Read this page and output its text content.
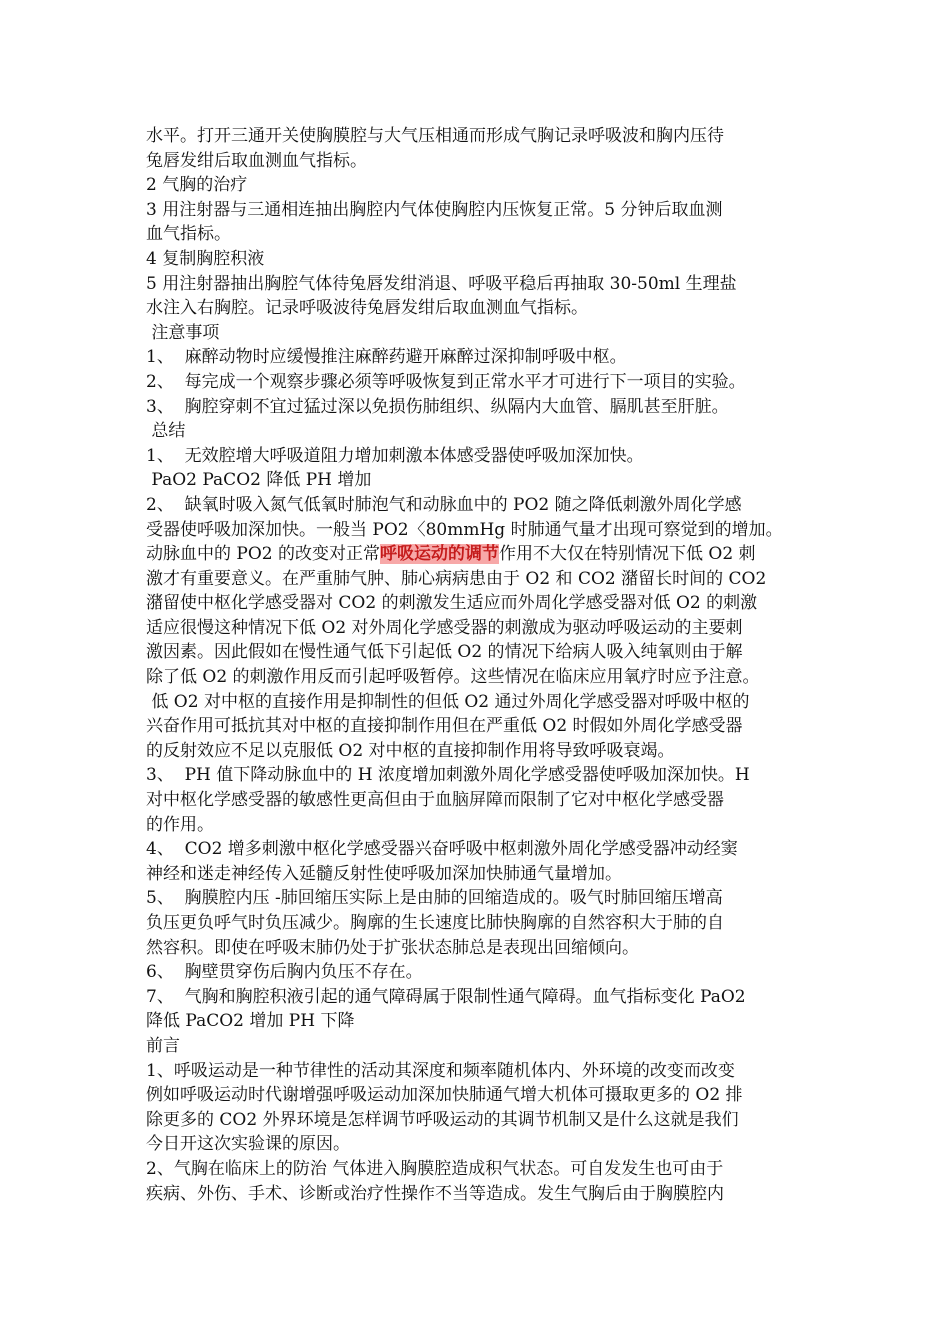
水平。打开三通开关使胸膜腔与大气压相通而形成气胸记录呼吸波和胸内压待
兔唇发绀后取血测血气指标。
2 气胸的治疗
3 用注射器与三通相连抽出胸腔内气体使胸腔内压恢复正常。5 分钟后取血测
血气指标。
4 复制胸腔积液
5 用注射器抽出胸腔气体待兔唇发绀消退、呼吸平稳后再抽取 30-50ml 生理盐
水注入右胸腔。记录呼吸波待兔唇发绀后取血测血气指标。
注意事项
1、  麻醉动物时应缓慢推注麻醉药避开麻醉过深抑制呼吸中枢。
2、  每完成一个观察步骤必须等呼吸恢复到正常水平才可进行下一项目的实验。
3、  胸腔穿刺不宜过猛过深以免损伤肺组织、纵隔内大血管、膈肌甚至肝脏。
总结
1、  无效腔增大呼吸道阻力增加刺激本体感受器使呼吸加深加快。
PaO2 PaCO2 降低 PH 增加
2、  缺氧时吸入氮气低氧时肺泡气和动脉血中的 PO2 随之降低刺激外周化学感
受器使呼吸加深加快。一般当 PO2〈80mmHg 时肺通气量才出现可察觉到的增加。
动脉血中的 PO2 的改变对正常呼吸运动的调节作用不大仅在特别情况下低 O2 刺
激才有重要意义。在严重肺气肿、肺心病病患由于 O2 和 CO2 潴留长时间的 CO2
潴留使中枢化学感受器对 CO2 的刺激发生适应而外周化学感受器对低 O2 的刺激
适应很慢这种情况下低 O2 对外周化学感受器的刺激成为驱动呼吸运动的主要刺
激因素。因此假如在慢性通气低下引起低 O2 的情况下给病人吸入纯氧则由于解
除了低 O2 的刺激作用反而引起呼吸暂停。这些情况在临床应用氧疗时应予注意。
低 O2 对中枢的直接作用是抑制性的但低 O2 通过外周化学感受器对呼吸中枢的
兴奋作用可抵抗其对中枢的直接抑制作用但在严重低 O2 时假如外周化学感受器
的反射效应不足以克服低 O2 对中枢的直接抑制作用将导致呼吸衰竭。
3、  PH 值下降动脉血中的 H 浓度增加刺激外周化学感受器使呼吸加深加快。H
对中枢化学感受器的敏感性更高但由于血脑屏障而限制了它对中枢化学感受器
的作用。
4、  CO2 增多刺激中枢化学感受器兴奋呼吸中枢刺激外周化学感受器冲动经窦
神经和迷走神经传入延髓反射性使呼吸加深加快肺通气量增加。
5、  胸膜腔内压 -肺回缩压实际上是由肺的回缩造成的。吸气时肺回缩压增高
负压更负呼气时负压减少。胸廓的生长速度比肺快胸廓的自然容积大于肺的自
然容积。即使在呼吸末肺仍处于扩张状态肺总是表现出回缩倾向。
6、  胸壁贯穿伤后胸内负压不存在。
7、  气胸和胸腔积液引起的通气障碍属于限制性通气障碍。血气指标变化 PaO2
降低 PaCO2 增加 PH 下降
前言
1、呼吸运动是一种节律性的活动其深度和频率随机体内、外环境的改变而改变
例如呼吸运动时代谢增强呼吸运动加深加快肺通气增大机体可摄取更多的 O2 排
除更多的 CO2 外界环境是怎样调节呼吸运动的其调节机制又是什么这就是我们
今日开这次实验课的原因。
2、气胸在临床上的防治 气体进入胸膜腔造成积气状态。可自发发生也可由于
疾病、外伤、手术、诊断或治疗性操作不当等造成。发生气胸后由于胸膜腔内
